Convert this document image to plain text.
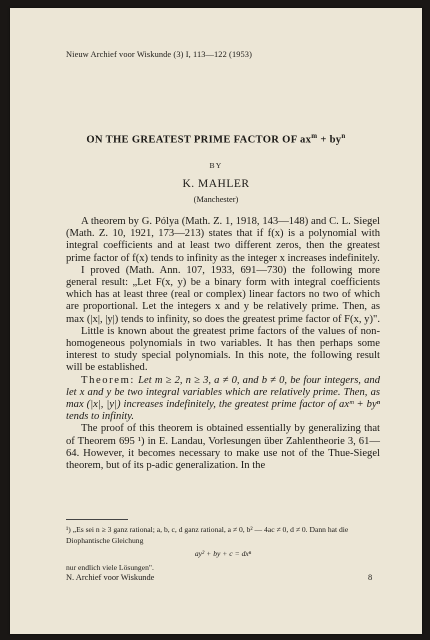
Nieuw Archief voor Wiskunde (3) I, 113—122 (1953)
ON THE GREATEST PRIME FACTOR OF $ax^m + by^n$
BY
K. MAHLER
(Manchester)

A theorem by G. Pólya (Math. Z. 1, 1918, 143—148) and C. L. Siegel (Math. Z. 10, 1921, 173—213) states that if f(x) is a polynomial with integral coefficients and at least two different zeros, then the greatest prime factor of f(x) tends to infinity as the integer x increases indefinitely.

I proved (Math. Ann. 107, 1933, 691—730) the following more general result: „Let F(x, y) be a binary form with integral coefficients which has at least three (real or complex) linear factors no two of which are proportional. Let the integers x and y be relatively prime. Then, as max (|x|, |y|) tends to infinity, so does the greatest prime factor of F(x, y)".

Little is known about the greatest prime factors of the values of non-homogeneous polynomials in two variables. It has then perhaps some interest to study special polynomials. In this note, the following result will be established.

Theorem: Let m ≥ 2, n ≥ 3, a ≠ 0, and b ≠ 0, be four integers, and let x and y be two integral variables which are relatively prime. Then, as max (|x|, |y|) increases indefinitely, the greatest prime factor of axᵐ + byⁿ tends to infinity.

The proof of this theorem is obtained essentially by generalizing that of Theorem 695 ¹) in E. Landau, Vorlesungen über Zahlentheorie 3, 61—64. However, it becomes necessary to make use not of the Thue-Siegel theorem, but of its p-adic generalization. In the

¹) „Es sei n ≥ 3 ganz rational; a, b, c, d ganz rational, a ≠ 0, b² — 4ac ≠ 0, d ≠ 0. Dann hat die Diophantische Gleichung
ay² + by + c = dxⁿ
nur endlich viele Lösungen".
N. Archief voor Wiskunde	8
